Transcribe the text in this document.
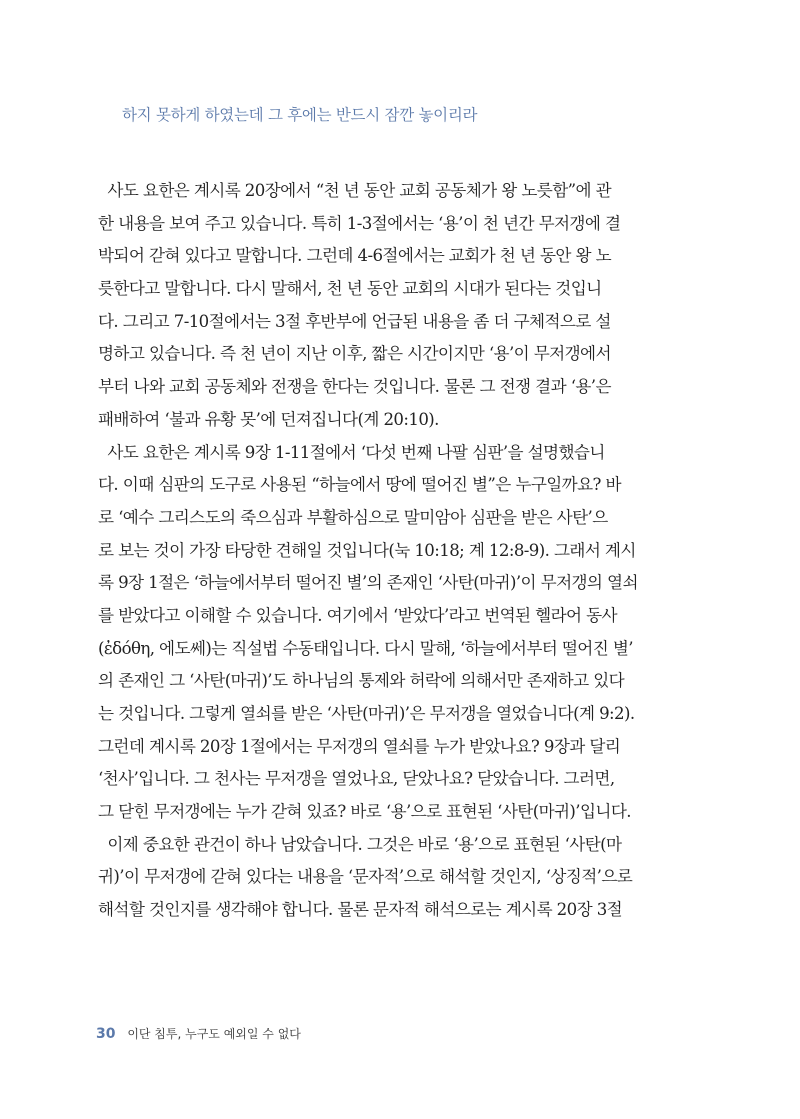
하지 못하게 하였는데 그 후에는 반드시 잠깐 놓이리라
사도 요한은 계시록 20장에서 “천 년 동안 교회 공동체가 왕 노릇함”에 관
한 내용을 보여 주고 있습니다. 특히 1-3절에서는 ‘용’이 천 년간 무저갱에 결
박되어 갇혀 있다고 말합니다. 그런데 4-6절에서는 교회가 천 년 동안 왕 노
릇한다고 말합니다. 다시 말해서, 천 년 동안 교회의 시대가 된다는 것입니
다. 그리고 7-10절에서는 3절 후반부에 언급된 내용을 좀 더 구체적으로 설
명하고 있습니다. 즉 천 년이 지난 이후, 짧은 시간이지만 ‘용’이 무저갱에서
부터 나와 교회 공동체와 전쟁을 한다는 것입니다. 물론 그 전쟁 결과 ‘용’은
패배하여 ‘불과 유황 못’에 던져집니다(계 20:10).
사도 요한은 계시록 9장 1-11절에서 ‘다섯 번째 나팔 심판’을 설명했습니
다. 이때 심판의 도구로 사용된 “하늘에서 땅에 떨어진 별”은 누구일까요? 바
로 ‘예수 그리스도의 죽으심과 부활하심으로 말미암아 심판을 받은 사탄’으
로 보는 것이 가장 타당한 견해일 것입니다(눅 10:18; 계 12:8-9). 그래서 계시
록 9장 1절은 ‘하늘에서부터 떨어진 별’의 존재인 ‘사탄(마귀)’이 무저갱의 열쇠
를 받았다고 이해할 수 있습니다. 여기에서 ‘받았다’라고 번역된 헬라어 동사
(ἐδόθη, 에도쎄)는 직설법 수동태입니다. 다시 말해, ‘하늘에서부터 떨어진 별’
의 존재인 그 ‘사탄(마귀)’도 하나님의 통제와 허락에 의해서만 존재하고 있다
는 것입니다. 그렇게 열쇠를 받은 ‘사탄(마귀)’은 무저갱을 열었습니다(계 9:2).
그런데 계시록 20장 1절에서는 무저갱의 열쇠를 누가 받았나요? 9장과 달리
‘천사’입니다. 그 천사는 무저갱을 열었나요, 닫았나요? 닫았습니다. 그러면,
그 닫힌 무저갱에는 누가 갇혀 있죠? 바로 ‘용’으로 표현된 ‘사탄(마귀)’입니다.
이제 중요한 관건이 하나 남았습니다. 그것은 바로 ‘용’으로 표현된 ‘사탄(마
귀)’이 무저갱에 갇혀 있다는 내용을 ‘문자적’으로 해석할 것인지, ‘상징적’으로
해석할 것인지를 생각해야 합니다. 물론 문자적 해석으로는 계시록 20장 3절
30 이단 침투, 누구도 예외일 수 없다
